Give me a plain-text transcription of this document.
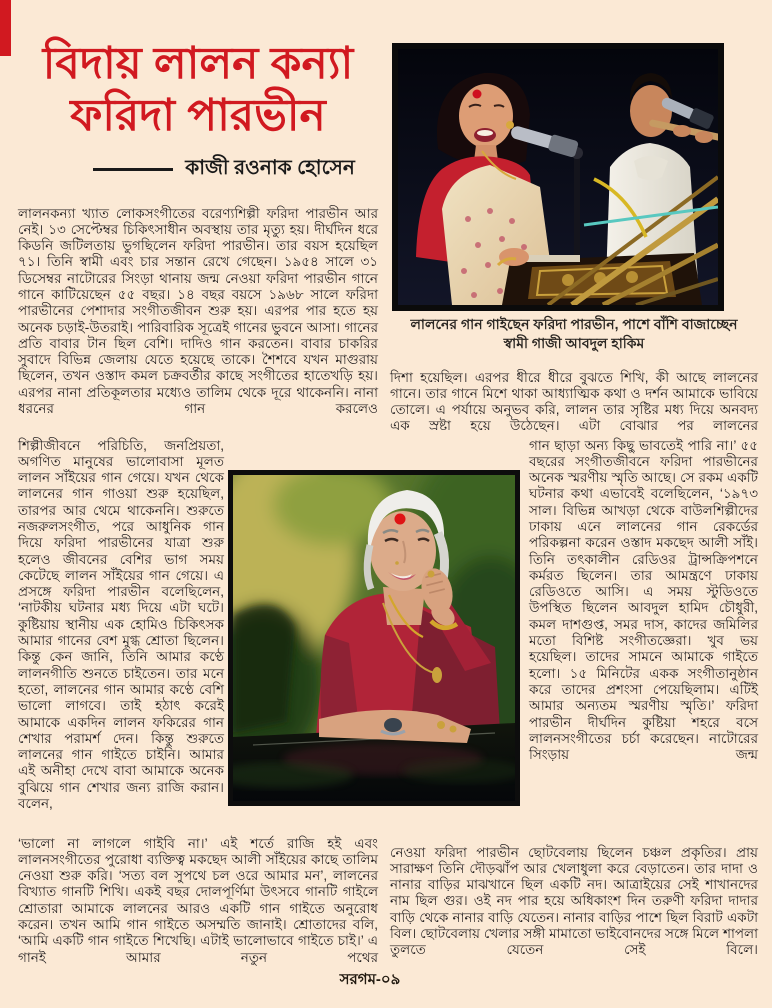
বিদায় লালন কন্যা
ফরিদা পারভীন
কাজী রওনাক হোসেন
লালনের গান গাইছেন ফরিদা পারভীন, পাশে বাঁশি বাজাচ্ছেন
স্বামী গাজী আবদুল হাকিম

লালনকন্যা খ্যাত লোকসংগীতের বরেণ্যশিল্পী ফরিদা পারভীন আর নেই। ১৩ সেপ্টেম্বর চিকিৎসাধীন অবস্থায় তার মৃত্যু হয়। দীর্ঘদিন ধরে কিডনি জটিলতায় ভুগছিলেন ফরিদা পারভীন। তার বয়স হয়েছিল ৭১। তিনি স্বামী এবং চার সন্তান রেখে গেছেন। ১৯৫৪ সালে ৩১ ডিসেম্বর নাটোরের সিংড়া থানায় জন্ম নেওয়া ফরিদা পারভীন গানে গানে কাটিয়েছেন ৫৫ বছর। ১৪ বছর বয়সে ১৯৬৮ সালে ফরিদা পারভীনের পেশাদার সংগীতজীবন শুরু হয়। এরপর পার হতে হয় অনেক চড়াই-উতরাই। পারিবারিক সূত্রেই গানের ভুবনে আসা। গানের প্রতি বাবার টান ছিল বেশি। দাদিও গান করতেন। বাবার চাকরির সুবাদে বিভিন্ন জেলায় যেতে হয়েছে তাকে। শৈশবে যখন মাগুরায় ছিলেন, তখন ওস্তাদ কমল চক্রবর্তীর কাছে সংগীতের হাতেখড়ি হয়। এরপর নানা প্রতিকূলতার মধ্যেও তালিম থেকে দূরে থাকেননি। নানা ধরনের গান করলেও

শিল্পীজীবনে পরিচিতি, জনপ্রিয়তা, অগণিত মানুষের ভালোবাসা মূলত লালন সাঁইয়ের গান গেয়ে। যখন থেকে লালনের গান গাওয়া শুরু হয়েছিল, তারপর আর থেমে থাকেননি। শুরুতে নজরুলসংগীত, পরে আধুনিক গান দিয়ে ফরিদা পারভীনের যাত্রা শুরু হলেও জীবনের বেশির ভাগ সময় কেটেছে লালন সাঁইয়ের গান গেয়ে। এ প্রসঙ্গে ফরিদা পারভীন বলেছিলেন, ‘নাটকীয় ঘটনার মধ্য দিয়ে এটা ঘটে। কুষ্টিয়ায় স্থানীয় এক হোমিও চিকিৎসক আমার গানের বেশ মুগ্ধ শ্রোতা ছিলেন। কিন্তু কেন জানি, তিনি আমার কণ্ঠে লালনগীতি শুনতে চাইতেন। তার মনে হতো, লালনের গান আমার কণ্ঠে বেশি ভালো লাগবে। তাই হঠাৎ করেই আমাকে একদিন লালন ফকিরের গান শেখার পরামর্শ দেন। কিন্তু শুরুতে লালনের গান গাইতে চাইনি। আমার এই অনীহা দেখে বাবা আমাকে অনেক বুঝিয়ে গান শেখার জন্য রাজি করান। বলেন,

‘ভালো না লাগলে গাইবি না।’ এই শর্তে রাজি হই এবং লালনসংগীতের পুরোধা ব্যক্তিত্ব মকছেদ আলী সাঁইয়ের কাছে তালিম নেওয়া শুরু করি। ‘সত্য বল সুপথে চল ওরে আমার মন’, লালনের বিখ্যাত গানটি শিখি। একই বছর দোলপূর্ণিমা উৎসবে গানটি গাইলে শ্রোতারা আমাকে লালনের আরও একটি গান গাইতে অনুরোধ করেন। তখন আমি গান গাইতে অসম্মতি জানাই। শ্রোতাদের বলি, ‘আমি একটি গান গাইতে শিখেছি। এটাই ভালোভাবে গাইতে চাই।’ এ গানই আমার নতুন পথের

দিশা হয়েছিল। এরপর ধীরে ধীরে বুঝতে শিখি, কী আছে লালনের গানে। তার গানে মিশে থাকা আধ্যাত্মিক কথা ও দর্শন আমাকে ভাবিয়ে তোলে। এ পর্যায়ে অনুভব করি, লালন তার সৃষ্টির মধ্য দিয়ে অনবদ্য এক স্রষ্টা হয়ে উঠেছেন। এটা বোঝার পর লালনের

গান ছাড়া অন্য কিছু ভাবতেই পারি না।’ ৫৫ বছরের সংগীতজীবনে ফরিদা পারভীনের অনেক স্মরণীয় স্মৃতি আছে। সে রকম একটি ঘটনার কথা এভাবেই বলেছিলেন, ‘১৯৭৩ সাল। বিভিন্ন আখড়া থেকে বাউলশিল্পীদের ঢাকায় এনে লালনের গান রেকর্ডের পরিকল্পনা করেন ওস্তাদ মকছেদ আলী সাঁই। তিনি তৎকালীন রেডিওর ট্রান্সক্রিপশনে কর্মরত ছিলেন। তার আমন্ত্রণে ঢাকায় রেডিওতে আসি। এ সময় স্টুডিওতে উপস্থিত ছিলেন আবদুল হামিদ চৌধুরী, কমল দাশগুপ্ত, সমর দাস, কাদের জমিলির মতো বিশিষ্ট সংগীতজ্ঞেরা। খুব ভয় হয়েছিল। তাদের সামনে আমাকে গাইতে হলো। ১৫ মিনিটের একক সংগীতানুষ্ঠান করে তাদের প্রশংসা পেয়েছিলাম। এটিই আমার অন্যতম স্মরণীয় স্মৃতি।’ ফরিদা পারভীন দীর্ঘদিন কুষ্টিয়া শহরে বসে লালনসংগীতের চর্চা করেছেন। নাটোরের সিংড়ায় জন্ম

নেওয়া ফরিদা পারভীন ছোটবেলায় ছিলেন চঞ্চল প্রকৃতির। প্রায় সারাক্ষণ তিনি দৌড়ঝাঁপ আর খেলাধুলা করে বেড়াতেন। তার দাদা ও নানার বাড়ির মাঝখানে ছিল একটি নদ। আত্রাইয়ের সেই শাখানদের নাম ছিল গুর। ওই নদ পার হয়ে অধিকাংশ দিন তরুণী ফরিদা দাদার বাড়ি থেকে নানার বাড়ি যেতেন। নানার বাড়ির পাশে ছিল বিরাট একটা বিল। ছোটবেলায় খেলার সঙ্গী মামাতো ভাইবোনদের সঙ্গে মিলে শাপলা তুলতে যেতেন সেই বিলে।

সরগম-০৯
